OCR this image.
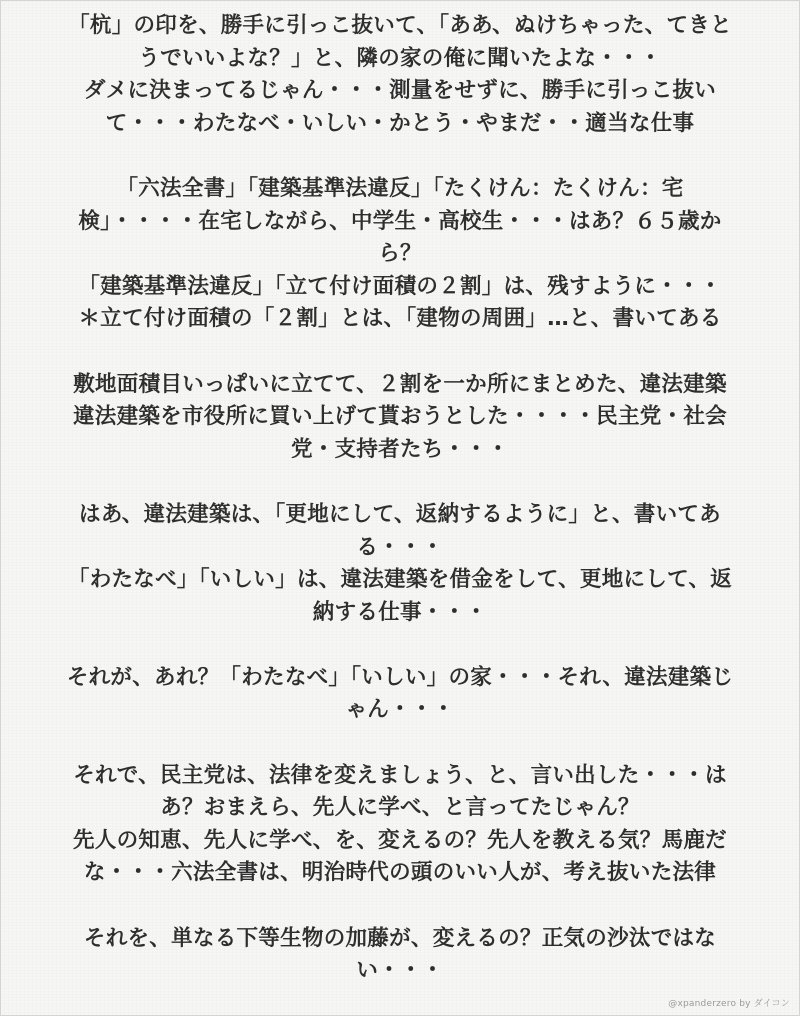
「杭」の印を、勝手に引っこ抜いて、「ああ、ぬけちゃった、てきと
うでいいよな？」と、隣の家の俺に聞いたよな・・・
ダメに決まってるじゃん・・・測量をせずに、勝手に引っこ抜い
て・・・わたなべ・いしい・かとう・やまだ・・適当な仕事
「六法全書」「建築基準法違反」「たくけん：たくけん：宅
検」・・・・在宅しながら、中学生・高校生・・・はあ？６５歳か
ら？
「建築基準法違反」「立て付け面積の２割」は、残すように・・・
＊立て付け面積の「２割」とは、「建物の周囲」…と、書いてある
敷地面積目いっぱいに立てて、２割を一か所にまとめた、違法建築
違法建築を市役所に買い上げて貰おうとした・・・・民主党・社会
党・支持者たち・・・
はあ、違法建築は、「更地にして、返納するように」と、書いてあ
る・・・
「わたなべ」「いしい」は、違法建築を借金をして、更地にして、返
納する仕事・・・
それが、あれ？「わたなべ」「いしい」の家・・・それ、違法建築じ
ゃん・・・
それで、民主党は、法律を変えましょう、と、言い出した・・・は
あ？おまえら、先人に学べ、と言ってたじゃん？
先人の知恵、先人に学べ、を、変えるの？先人を教える気？馬鹿だ
な・・・六法全書は、明治時代の頭のいい人が、考え抜いた法律
それを、単なる下等生物の加藤が、変えるの？正気の沙汰ではな
い・・・
@xpanderzero by ダイコン
